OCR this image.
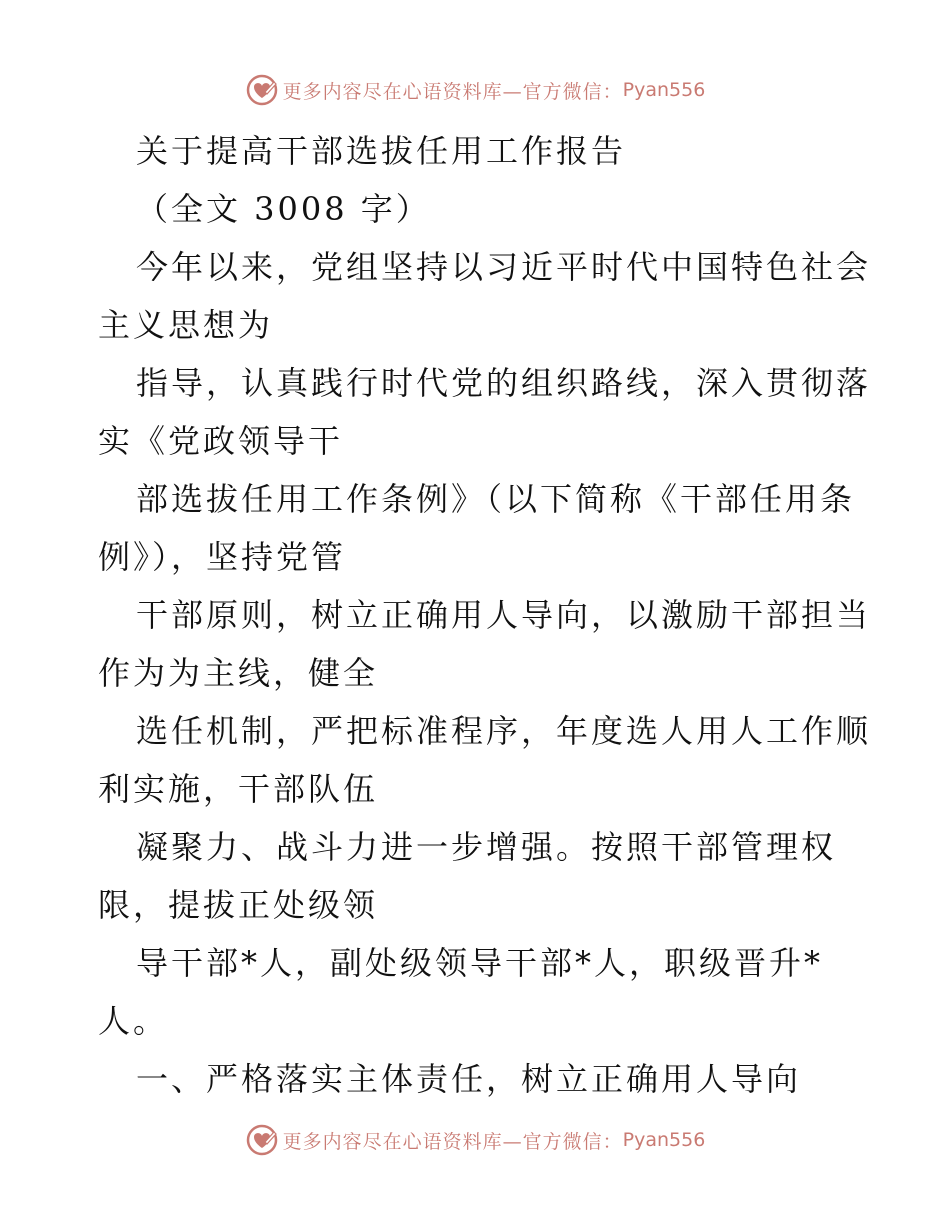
更多内容尽在心语资料库—官方微信： Pyan556
关于提高干部选拔任用工作报告
（全文 3008 字）
今年以来，党组坚持以习近平时代中国特色社会
主义思想为
指导，认真践行时代党的组织路线，深入贯彻落
实《党政领导干
部选拔任用工作条例》（以下简称《干部任用条
例》），坚持党管
干部原则，树立正确用人导向，以激励干部担当
作为为主线，健全
选任机制，严把标准程序，年度选人用人工作顺
利实施，干部队伍
凝聚力、战斗力进一步增强。按照干部管理权
限，提拔正处级领
导干部*人，副处级领导干部*人，职级晋升*
人。
一、严格落实主体责任，树立正确用人导向
更多内容尽在心语资料库—官方微信： Pyan556
